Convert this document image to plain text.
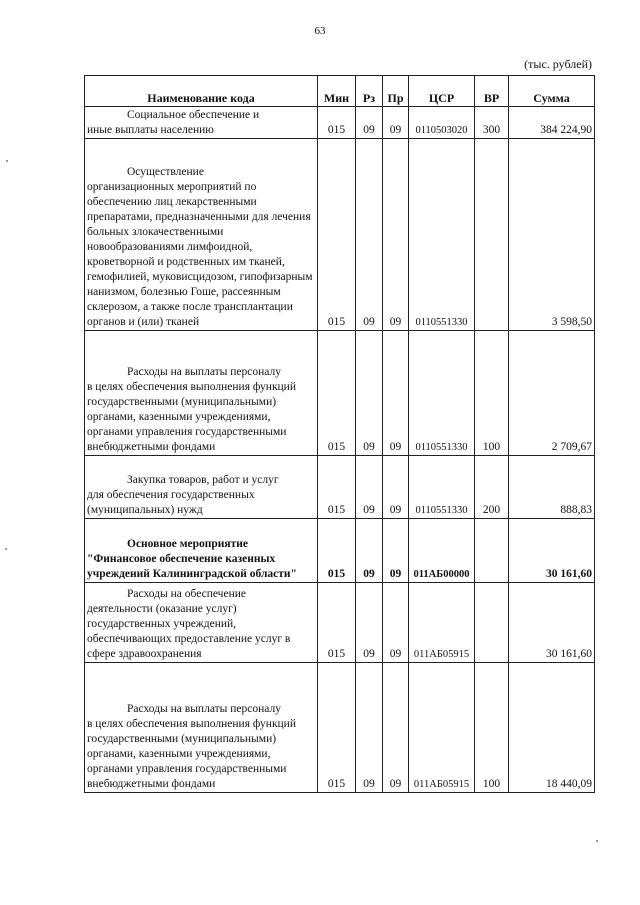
63
(тыс. рублей)
Наименование кода	Мин	Рз	Пр	ЦСР	ВР	Сумма

Социальное обеспечение и
иные выплаты населению	015	09	09	0110503020	300	384 224,90

Осуществление
организационных мероприятий по обеспечению лиц лекарственными препаратами, предназначенными для лечения больных злокачественными новообразованиями лимфоидной, кроветворной и родственных им тканей, гемофилией, муковисцидозом, гипофизарным нанизмом, болезнью Гоше, рассеянным склерозом, а также после трансплантации органов и (или) тканей	015	09	09	0110551330		3 598,50

Расходы на выплаты персоналу
в целях обеспечения выполнения функций государственными (муниципальными) органами, казенными учреждениями, органами управления государственными внебюджетными фондами	015	09	09	0110551330	100	2 709,67

Закупка товаров, работ и услуг
для обеспечения государственных (муниципальных) нужд	015	09	09	0110551330	200	888,83

Основное мероприятие
"Финансовое обеспечение казенных учреждений Калининградской области"	015	09	09	011АБ00000		30 161,60

Расходы на обеспечение
деятельности (оказание услуг) государственных учреждений, обеспечивающих предоставление услуг в сфере здравоохранения	015	09	09	011АБ05915		30 161,60

Расходы на выплаты персоналу
в целях обеспечения выполнения функций государственными (муниципальными) органами, казенными учреждениями, органами управления государственными внебюджетными фондами	015	09	09	011АБ05915	100	18 440,09
